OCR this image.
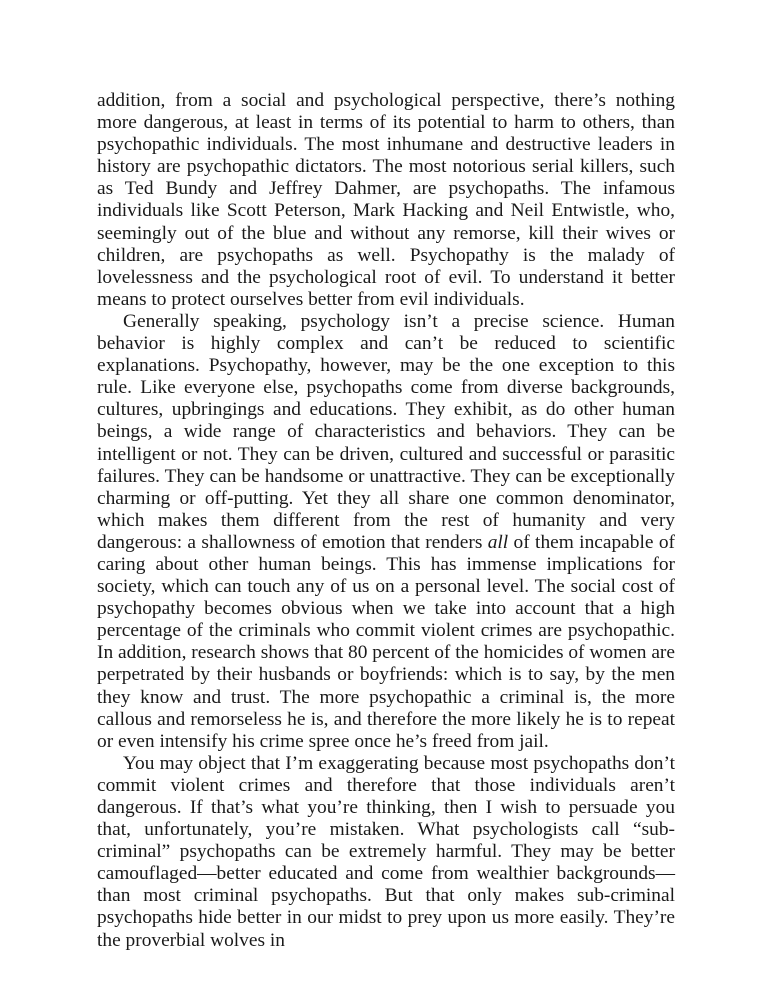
addition, from a social and psychological perspective, there’s nothing more dangerous, at least in terms of its potential to harm to others, than psychopathic individuals. The most inhumane and destructive leaders in history are psychopathic dictators. The most notorious serial killers, such as Ted Bundy and Jeffrey Dahmer, are psychopaths. The infamous individuals like Scott Peterson, Mark Hacking and Neil Entwistle, who, seemingly out of the blue and without any remorse, kill their wives or children, are psychopaths as well. Psychopathy is the malady of lovelessness and the psychological root of evil. To understand it better means to protect ourselves better from evil individuals.

Generally speaking, psychology isn’t a precise science. Human behavior is highly complex and can’t be reduced to scientific explanations. Psychopathy, however, may be the one exception to this rule. Like everyone else, psychopaths come from diverse backgrounds, cultures, upbringings and educations. They exhibit, as do other human beings, a wide range of characteristics and behaviors. They can be intelligent or not. They can be driven, cultured and successful or parasitic failures. They can be handsome or unattractive. They can be exceptionally charming or off-putting. Yet they all share one common denominator, which makes them different from the rest of humanity and very dangerous: a shallowness of emotion that renders all of them incapable of caring about other human beings. This has immense implications for society, which can touch any of us on a personal level. The social cost of psychopathy becomes obvious when we take into account that a high percentage of the criminals who commit violent crimes are psychopathic. In addition, research shows that 80 percent of the homicides of women are perpetrated by their husbands or boyfriends: which is to say, by the men they know and trust. The more psychopathic a criminal is, the more callous and remorseless he is, and therefore the more likely he is to repeat or even intensify his crime spree once he’s freed from jail.

You may object that I’m exaggerating because most psychopaths don’t commit violent crimes and therefore that those individuals aren’t dangerous. If that’s what you’re thinking, then I wish to persuade you that, unfortunately, you’re mistaken. What psychologists call “sub-criminal” psychopaths can be extremely harmful. They may be better camouflaged—better educated and come from wealthier backgrounds—than most criminal psychopaths. But that only makes sub-criminal psychopaths hide better in our midst to prey upon us more easily. They’re the proverbial wolves in
